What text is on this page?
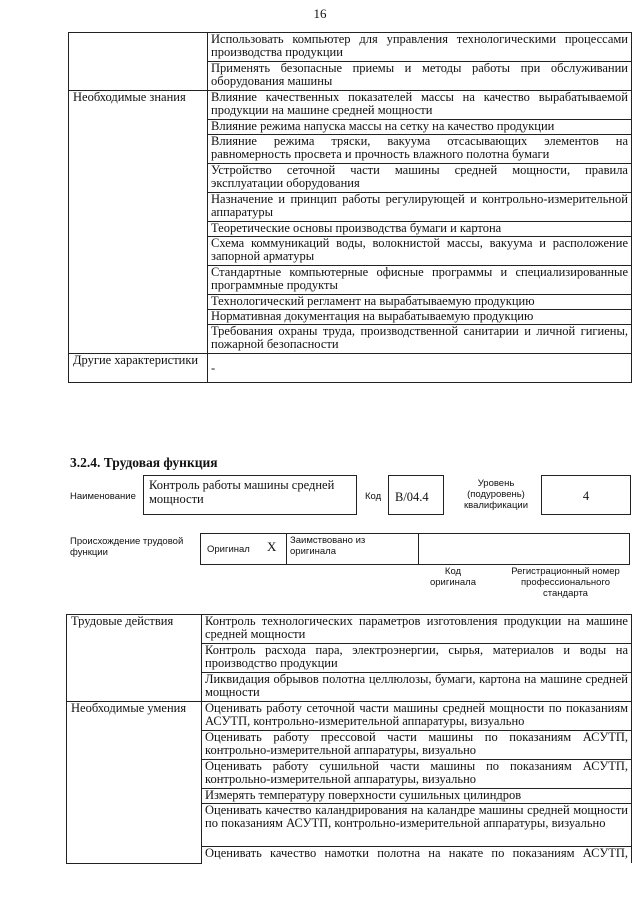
16
	Использовать компьютер для управления технологическими процессами производства продукции
	Применять безопасные приемы и методы работы при обслуживании оборудования машины
Необходимые знания	Влияние качественных показателей массы на качество вырабатываемой продукции на машине средней мощности
	Влияние режима напуска массы на сетку на качество продукции
	Влияние режима тряски, вакуума отсасывающих элементов на равномерность просвета и прочность влажного полотна бумаги
	Устройство сеточной части машины средней мощности, правила эксплуатации оборудования
	Назначение и принцип работы регулирующей и контрольно-измерительной аппаратуры
	Теоретические основы производства бумаги и картона
	Схема коммуникаций воды, волокнистой массы, вакуума и расположение запорной арматуры
	Стандартные компьютерные офисные программы и специализированные программные продукты
	Технологический регламент на вырабатываемую продукцию
	Нормативная документация на вырабатываемую продукцию
	Требования охраны труда, производственной санитарии и личной гигиены, пожарной безопасности
Другие характеристики	-
3.2.4. Трудовая функция
Наименование
Контроль работы машины средней мощности	Код	В/04.4
Уровень (подуровень) квалификации
4
Происхождение трудовой функции	Оригинал X Заимствовано из оригинала
Код оригинала
Регистрационный номер профессионального стандарта
Трудовые действия	Контроль технологических параметров изготовления продукции на машине средней мощности
	Контроль расхода пара, электроэнергии, сырья, материалов и воды на производство продукции
	Ликвидация обрывов полотна целлюлозы, бумаги, картона на машине средней мощности
Необходимые умения	Оценивать работу сеточной части машины средней мощности по показаниям АСУТП, контрольно-измерительной аппаратуры, визуально
	Оценивать работу прессовой части машины по показаниям АСУТП, контрольно-измерительной аппаратуры, визуально
	Оценивать работу сушильной части машины по показаниям АСУТП, контрольно-измерительной аппаратуры, визуально
	Измерять температуру поверхности сушильных цилиндров
	Оценивать качество каландрирования на каландре машины средней мощности по показаниям АСУТП, контрольно-измерительной аппаратуры, визуально
	Оценивать качество намотки полотна на накате по показаниям АСУТП,
